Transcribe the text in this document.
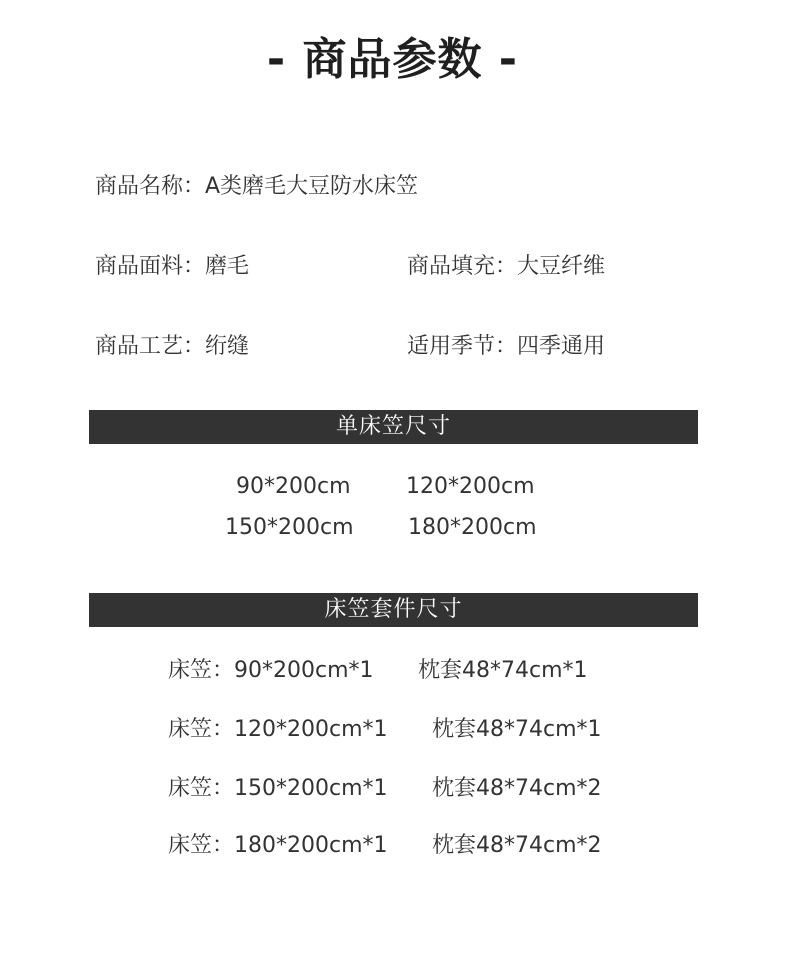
- 商品参数 -
商品名称：A类磨毛大豆防水床笠
商品面料：磨毛	商品填充：大豆纤维
商品工艺：绗缝	适用季节：四季通用
单床笠尺寸
90*200cm	120*200cm
150*200cm 180*200cm
床笠套件尺寸
床笠：90*200cm*1 枕套48*74cm*1
床笠：120*200cm*1 枕套48*74cm*1
床笠：150*200cm*1 枕套48*74cm*2
床笠：180*200cm*1 枕套48*74cm*2
